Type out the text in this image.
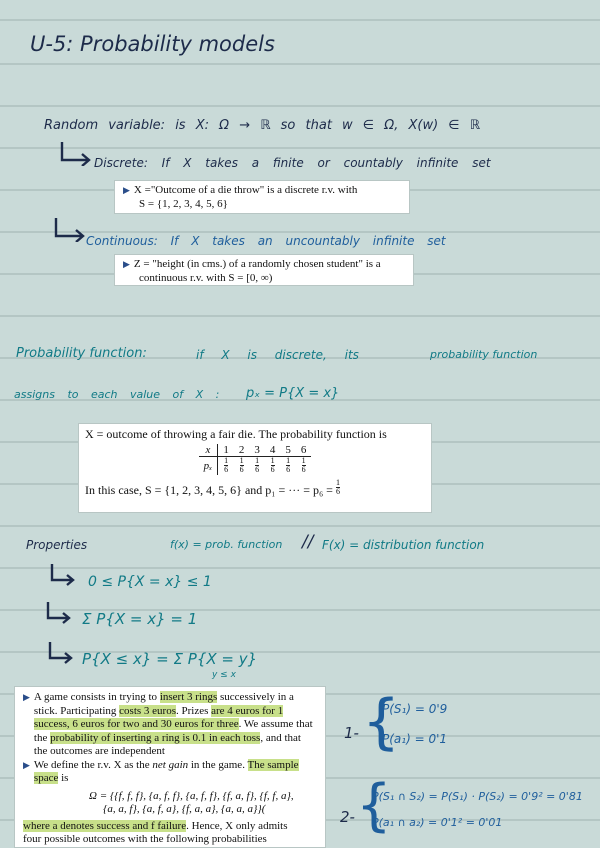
U-5: Probability models
Random variable: is X: Ω → ℝ so that w ∈ Ω, X(w) ∈ ℝ
Discrete: If X takes a finite or countably infinite set
▶ X ="Outcome of a die throw" is a discrete r.v. with
S = {1, 2, 3, 4, 5, 6}
Continuous: If X takes an uncountably infinite set
▶ Z = "height (in cms.) of a randomly chosen student" is a
continuous r.v. with S = [0, ∞)
Probability function:	if X is discrete, its	probability function
assigns to each value of X : pₓ = P{X = x}
X = outcome of throwing a fair die. The probability function is
x	1	2	3	4	5	6
pₓ	$\frac{1}{6}$	$\frac{1}{6}$	$\frac{1}{6}$	$\frac{1}{6}$	$\frac{1}{6}$	$\frac{1}{6}$
In this case, S = {1, 2, 3, 4, 5, 6} and p₁ = ··· = $p_6 = \frac{1}{6}$
Properties	f(x) = prob. function // F(x) = distribution function
0 ≤ P{X = x} ≤ 1
Σ P{X = x} = 1
P{X ≤ x} = Σ P{X = y}
y ≤ x
▶ A game consists in trying to insert 3 rings successively in a stick. Participating costs 3 euros. Prizes are 4 euros for 1 success, 6 euros for two and 30 euros for three. We assume that the probability of inserting a ring is 0.1 in each toss, and that the outcomes are independent
▶ We define the r.v. X as the net gain in the game. The sample space is
Ω = {{f, f, f}, {a, f, f}, {a, f, f}, {f, a, f}, {f, f, a},
{a, a, f}, {a, f, a}, {f, a, a}, {a, a, a}}(
where a denotes success and f failure. Hence, X only admits
four possible outcomes with the following probabilities
1- {
P(S₁) = 0'9
P(a₁) = 0'1
2- {
P(S₁ ∩ S₂) = P(S₁) · P(S₂) = 0'9² = 0'81
P(a₁ ∩ a₂) = 0'1² = 0'01
